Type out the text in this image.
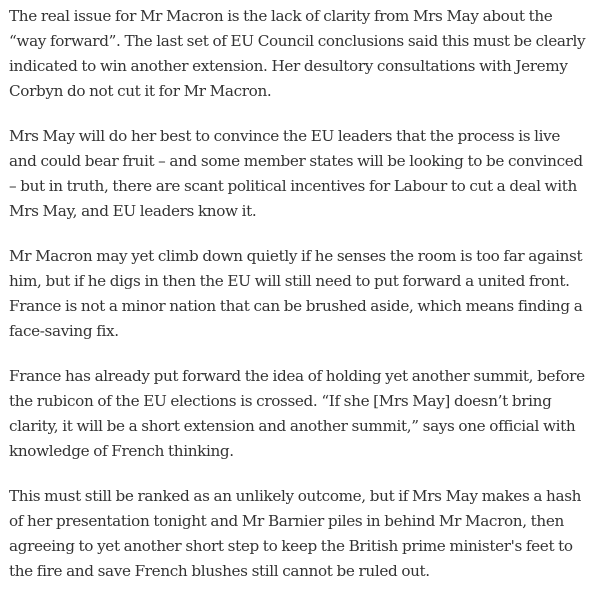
The real issue for Mr Macron is the lack of clarity from Mrs May about the “way forward”. The last set of EU Council conclusions said this must be clearly indicated to win another extension. Her desultory consultations with Jeremy Corbyn do not cut it for Mr Macron.

Mrs May will do her best to convince the EU leaders that the process is live and could bear fruit – and some member states will be looking to be convinced – but in truth, there are scant political incentives for Labour to cut a deal with Mrs May, and EU leaders know it.

Mr Macron may yet climb down quietly if he senses the room is too far against him, but if he digs in then the EU will still need to put forward a united front. France is not a minor nation that can be brushed aside, which means finding a face-saving fix.

France has already put forward the idea of holding yet another summit, before the rubicon of the EU elections is crossed. “If she [Mrs May] doesn’t bring clarity, it will be a short extension and another summit,” says one official with knowledge of French thinking.

This must still be ranked as an unlikely outcome, but if Mrs May makes a hash of her presentation tonight and Mr Barnier piles in behind Mr Macron, then agreeing to yet another short step to keep the British prime minister's feet to the fire and save French blushes still cannot be ruled out.
